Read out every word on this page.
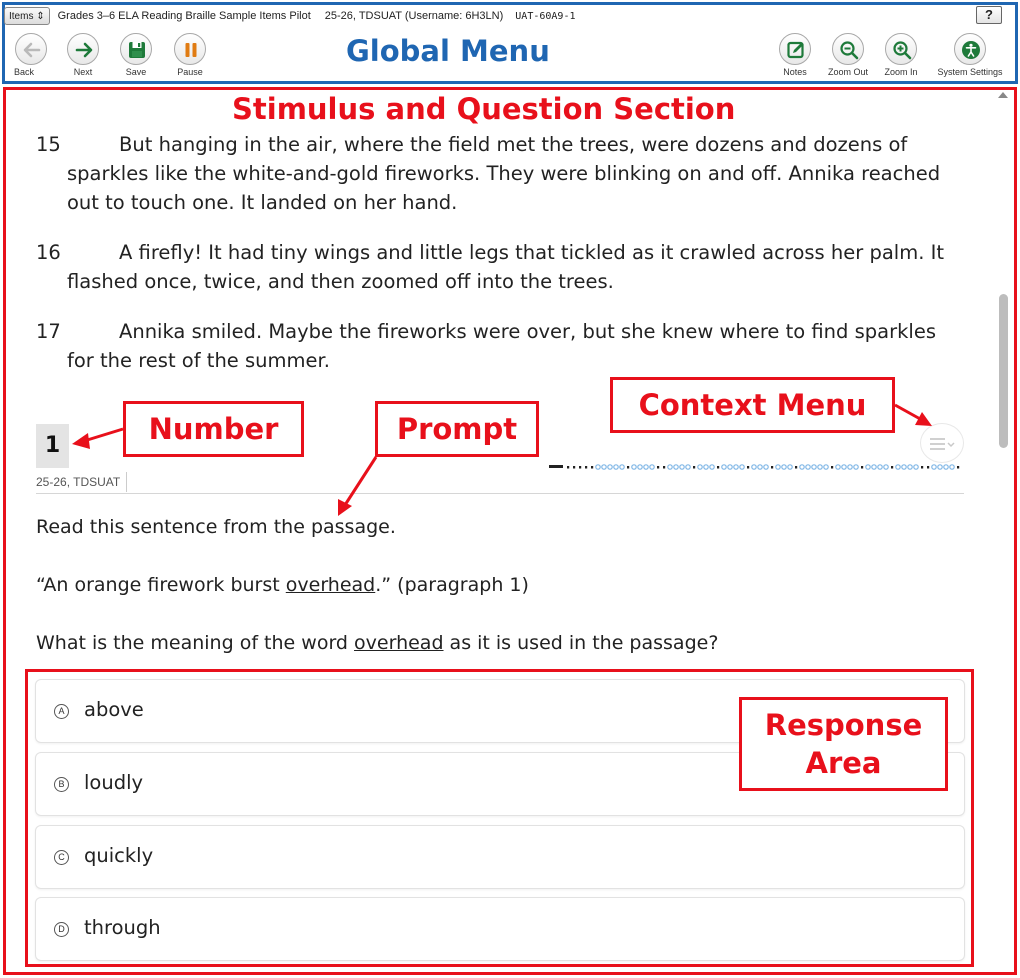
Items ⇕	Grades 3–6 ELA Reading Braille Sample Items Pilot 25-26, TDSUAT (Username: 6H3LN) UAT-60A9-1	?
Back	Next	Save	Pause
Global Menu
Notes	Zoom Out	Zoom In	System Settings
Stimulus and Question Section
15	But hanging in the air, where the field met the trees, were dozens and dozens of sparkles like the white-and-gold fireworks. They were blinking on and off. Annika reached out to touch one. It landed on her hand.
16	A firefly! It had tiny wings and little legs that tickled as it crawled across her palm. It flashed once, twice, and then zoomed off into the trees.
17	Annika smiled. Maybe the fireworks were over, but she knew where to find sparkles for the rest of the summer.
1
25-26, TDSUAT
Read this sentence from the passage.
“An orange firework burst overhead.” (paragraph 1)
What is the meaning of the word overhead as it is used in the passage?
A above
B loudly
C quickly
D through
Number	Prompt
Context Menu
Response
Area
